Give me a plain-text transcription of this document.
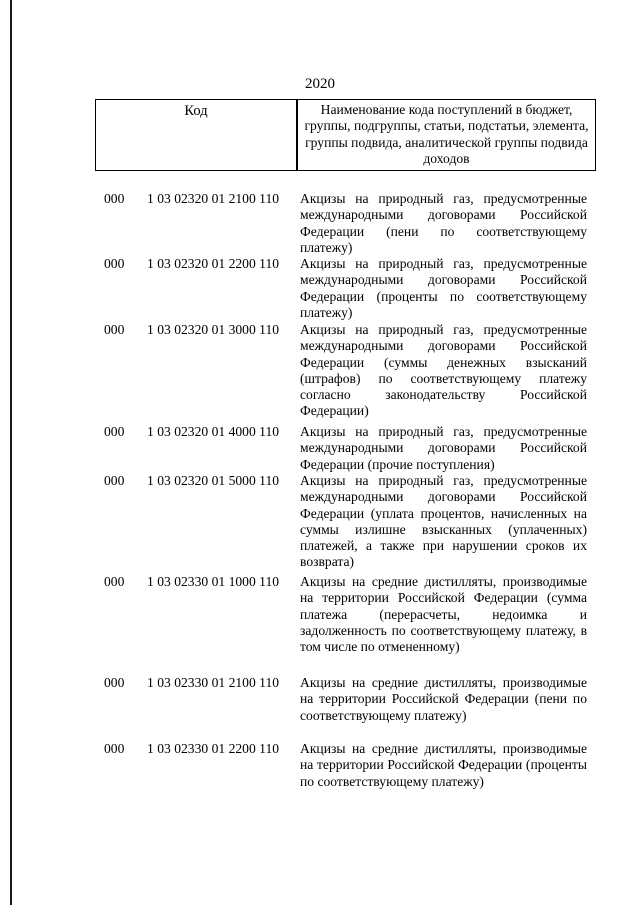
2020
Код	Наименование кода поступлений в бюджет, группы, подгруппы, статьи, подстатьи, элемента, группы подвида, аналитической группы подвида доходов
000 1 03 02320 01 2100 110 Акцизы на природный газ, предусмотренные международными договорами Российской Федерации (пени по соответствующему платежу)
000 1 03 02320 01 2200 110 Акцизы на природный газ, предусмотренные международными договорами Российской Федерации (проценты по соответствующему платежу)
000 1 03 02320 01 3000 110 Акцизы на природный газ, предусмотренные международными договорами Российской Федерации (суммы денежных взысканий (штрафов) по соответствующему платежу согласно законодательству Российской Федерации)
000 1 03 02320 01 4000 110 Акцизы на природный газ, предусмотренные международными договорами Российской Федерации (прочие поступления)
000 1 03 02320 01 5000 110 Акцизы на природный газ, предусмотренные международными договорами Российской Федерации (уплата процентов, начисленных на суммы излишне взысканных (уплаченных) платежей, а также при нарушении сроков их возврата)
000 1 03 02330 01 1000 110 Акцизы на средние дистилляты, производимые на территории Российской Федерации (сумма платежа (перерасчеты, недоимка и задолженность по соответствующему платежу, в том числе по отмененному)
000 1 03 02330 01 2100 110 Акцизы на средние дистилляты, производимые на территории Российской Федерации (пени по соответствующему платежу)
000 1 03 02330 01 2200 110 Акцизы на средние дистилляты, производимые на территории Российской Федерации (проценты по соответствующему платежу)
